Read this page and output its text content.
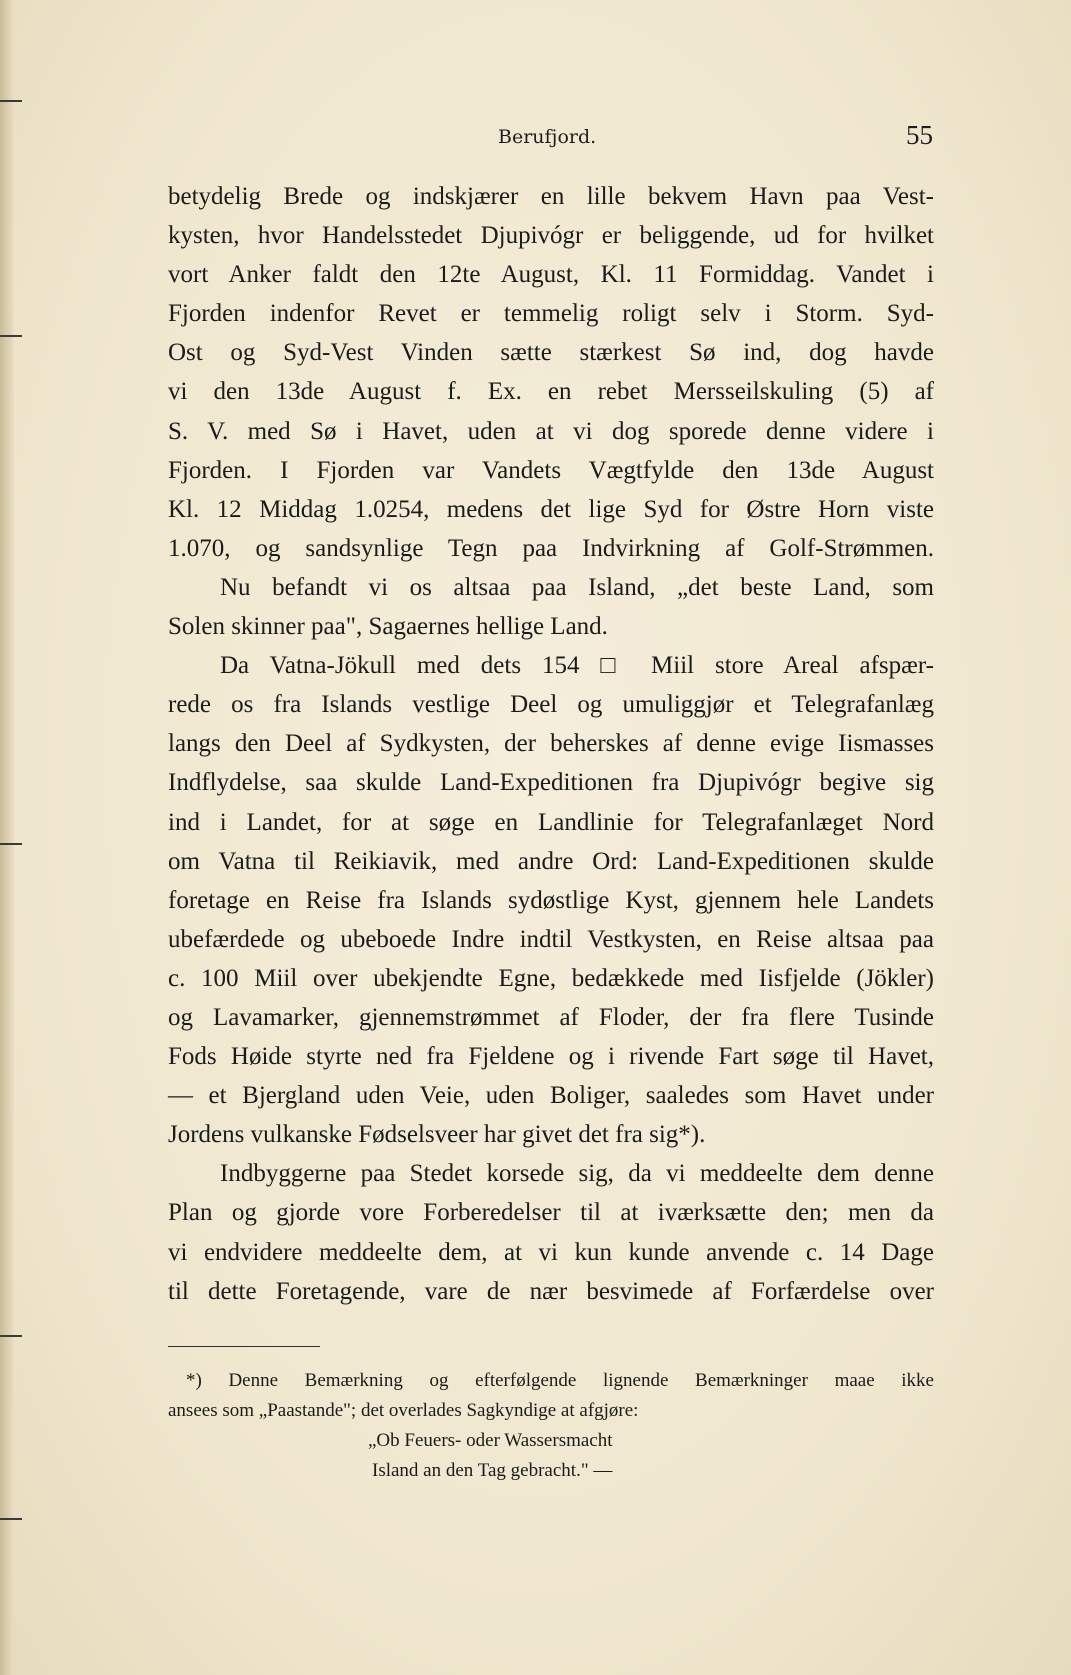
Berufjord.	55
betydelig Brede og indskjærer en lille bekvem Havn paa Vest-
kysten, hvor Handelsstedet Djupivógr er beliggende, ud for hvilket
vort Anker faldt den 12te August, Kl. 11 Formiddag. Vandet i
Fjorden indenfor Revet er temmelig roligt selv i Storm. Syd-
Ost og Syd-Vest Vinden sætte stærkest Sø ind, dog havde
vi den 13de August f. Ex. en rebet Mersseilskuling (5) af
S. V. med Sø i Havet, uden at vi dog sporede denne videre i
Fjorden. I Fjorden var Vandets Vægtfylde den 13de August
Kl. 12 Middag 1.0254, medens det lige Syd for Østre Horn viste
1.070, og sandsynlige Tegn paa Indvirkning af Golf-Strømmen.
Nu befandt vi os altsaa paa Island, „det beste Land, som
Solen skinner paa", Sagaernes hellige Land.
Da Vatna-Jökull med dets 154 □ Miil store Areal afspær-
rede os fra Islands vestlige Deel og umuliggjør et Telegrafanlæg
langs den Deel af Sydkysten, der beherskes af denne evige Iismasses
Indflydelse, saa skulde Land-Expeditionen fra Djupivógr begive sig
ind i Landet, for at søge en Landlinie for Telegrafanlæget Nord
om Vatna til Reikiavik, med andre Ord: Land-Expeditionen skulde
foretage en Reise fra Islands sydøstlige Kyst, gjennem hele Landets
ubefærdede og ubeboede Indre indtil Vestkysten, en Reise altsaa paa
c. 100 Miil over ubekjendte Egne, bedækkede med Iisfjelde (Jökler)
og Lavamarker, gjennemstrømmet af Floder, der fra flere Tusinde
Fods Høide styrte ned fra Fjeldene og i rivende Fart søge til Havet,
— et Bjergland uden Veie, uden Boliger, saaledes som Havet under
Jordens vulkanske Fødselsveer har givet det fra sig*).
Indbyggerne paa Stedet korsede sig, da vi meddeelte dem denne
Plan og gjorde vore Forberedelser til at iværksætte den; men da
vi endvidere meddeelte dem, at vi kun kunde anvende c. 14 Dage
til dette Foretagende, vare de nær besvimede af Forfærdelse over
*) Denne Bemærkning og efterfølgende lignende Bemærkninger maae ikke
ansees som „Paastande"; det overlades Sagkyndige at afgjøre:
„Ob Feuers- oder Wassersmacht
Island an den Tag gebracht." —
